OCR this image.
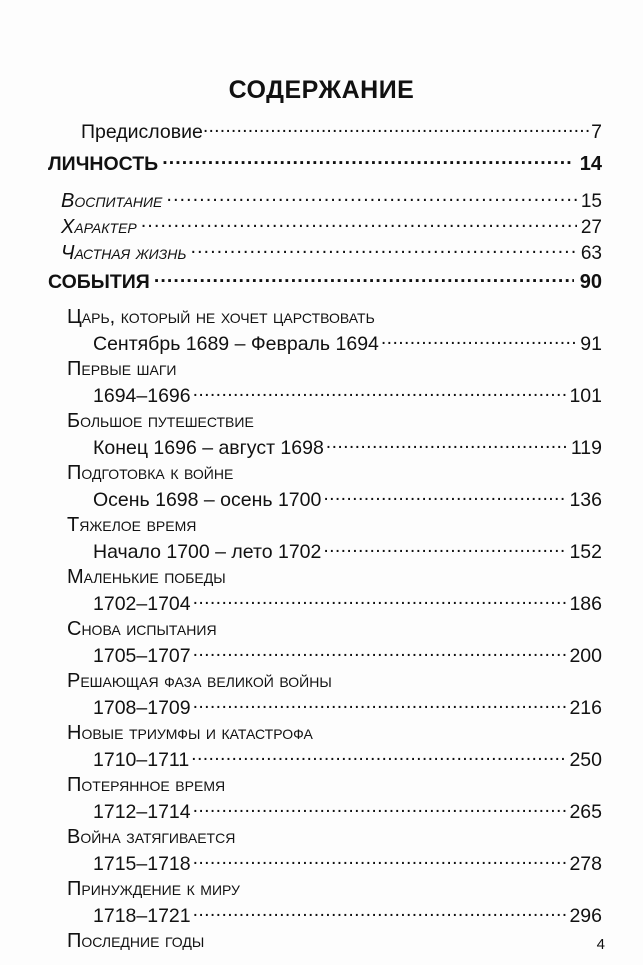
СОДЕРЖАНИЕ
Предисловие .....	7
ЛИЧНОСТЬ .....	14
Воспитание .....	15
Характер .....	27
Частная жизнь .....	63
СОБЫТИЯ .....	90
Царь, который не хочет царствовать
Сентябрь 1689 – Февраль 1694 .....	91
Первые шаги
1694–1696 .....	101
Большое путешествие
Конец 1696 – август 1698 .....	119
Подготовка к войне
Осень 1698 – осень 1700 .....	136
Тяжелое время
Начало 1700 – лето 1702 .....	152
Маленькие победы
1702–1704 .....	186
Снова испытания
1705–1707 .....	200
Решающая фаза великой войны
1708–1709 .....	216
Новые триумфы и катастрофа
1710–1711 .....	250
Потерянное время
1712–1714 .....	265
Война затягивается
1715–1718 .....	278
Принуждение к миру
1718–1721 .....	296
Последние годы	4
